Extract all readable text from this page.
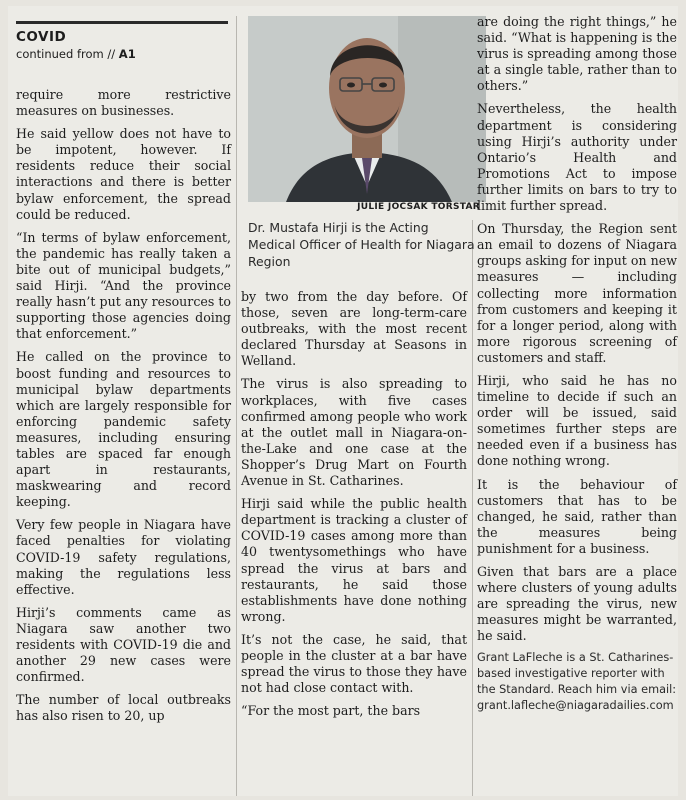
COVID
continued from // A1

require more restrictive measures on businesses.

He said yellow does not have to be impotent, however. If residents reduce their social interactions and there is better bylaw enforcement, the spread could be reduced.

“In terms of bylaw enforcement, the pandemic has really taken a bite out of municipal budgets,” said Hirji. “And the province really hasn’t put any resources to supporting those agencies doing that enforcement.”

He called on the province to boost funding and resources to municipal bylaw departments which are largely responsible for enforcing pandemic safety measures, including ensuring tables are spaced far enough apart in restaurants, maskwearing and record keeping.

Very few people in Niagara have faced penalties for violating COVID-19 safety regulations, making the regulations less effective.

Hirji’s comments came as Niagara saw another two residents with COVID-19 die and another 29 new cases were confirmed.

The number of local outbreaks has also risen to 20, up

JULIE JOCSAK TORSTAR
Dr. Mustafa Hirji is the Acting Medical Officer of Health for Niagara Region

by two from the day before. Of those, seven are long-term-care outbreaks, with the most recent declared Thursday at Seasons in Welland.

The virus is also spreading to workplaces, with five cases confirmed among people who work at the outlet mall in Niagara-on-the-Lake and one case at the Shopper’s Drug Mart on Fourth Avenue in St. Catharines.

Hirji said while the public health department is tracking a cluster of COVID-19 cases among more than 40 twentysomethings who have spread the virus at bars and restaurants, he said those establishments have done nothing wrong.

It’s not the case, he said, that people in the cluster at a bar have spread the virus to those they have not had close contact with.

“For the most part, the bars

are doing the right things,” he said. “What is happening is the virus is spreading among those at a single table, rather than to others.”

Nevertheless, the health department is considering using Hirji’s authority under Ontario’s Health and Promotions Act to impose further limits on bars to try to limit further spread.

On Thursday, the Region sent an email to dozens of Niagara groups asking for input on new measures — including collecting more information from customers and keeping it for a longer period, along with more rigorous screening of customers and staff.

Hirji, who said he has no timeline to decide if such an order will be issued, said sometimes further steps are needed even if a business has done nothing wrong.

It is the behaviour of customers that has to be changed, he said, rather than the measures being punishment for a business.

Given that bars are a place where clusters of young adults are spreading the virus, new measures might be warranted, he said.

Grant LaFleche is a St. Catharines-based investigative reporter with the Standard. Reach him via email: grant.lafleche@niagaradailies.com
